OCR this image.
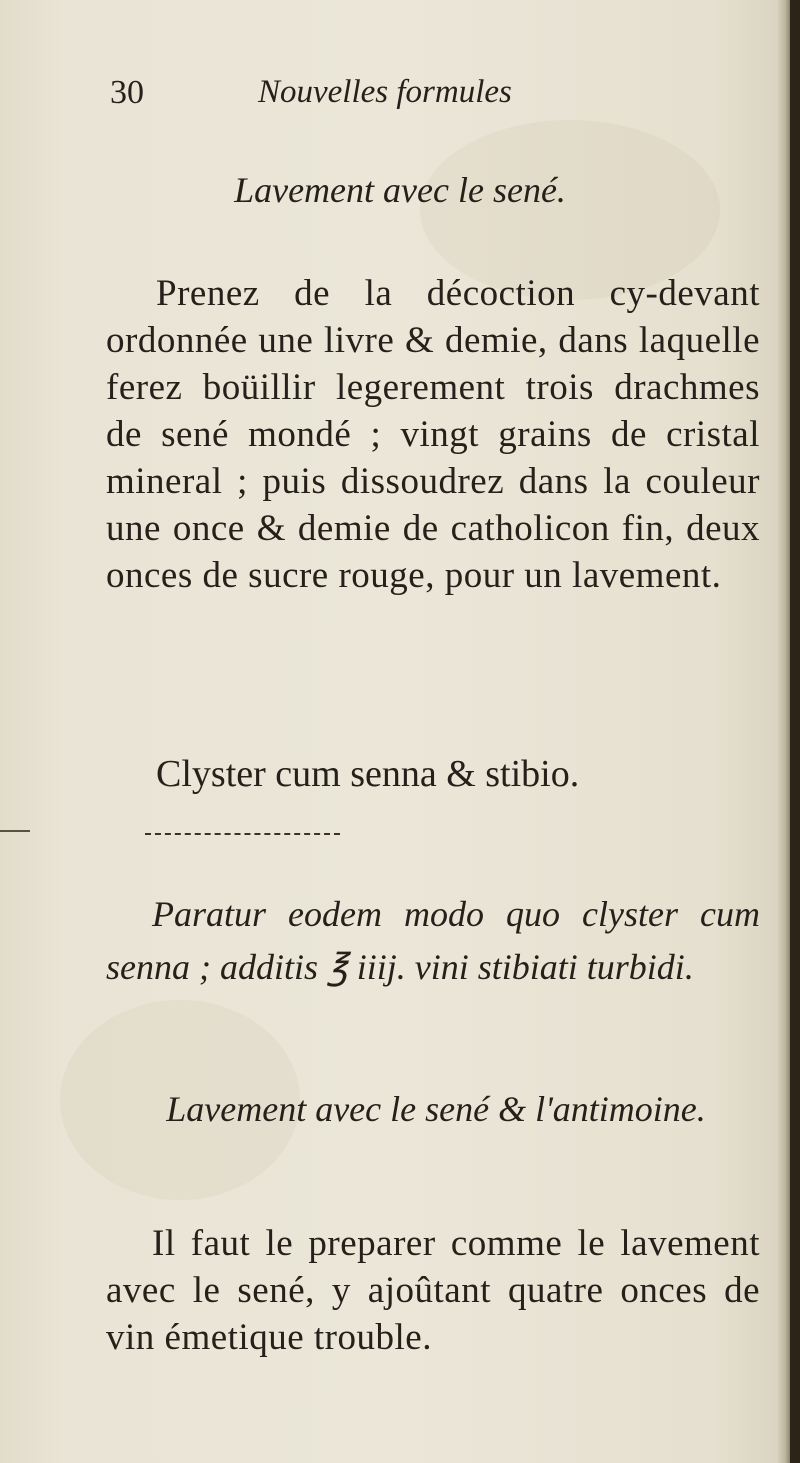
30	Nouvelles formules
Lavement avec le sené.
Prenez de la décoction cy-devant ordonnée une livre & demie, dans laquelle ferez boüillir legerement trois drachmes de sené mondé ; vingt grains de cristal mineral ; puis dissoudrez dans la couleur une once & demie de catholicon fin, deux onces de sucre rouge, pour un lavement.
Clyster cum senna & stibio.
Paratur eodem modo quo clyster cum senna ; additis ℥ iiij. vini stibiati turbidi.
Lavement avec le sené & l'antimoine.
Il faut le preparer comme le lavement avec le sené, y ajoûtant quatre onces de vin émetique trouble.
